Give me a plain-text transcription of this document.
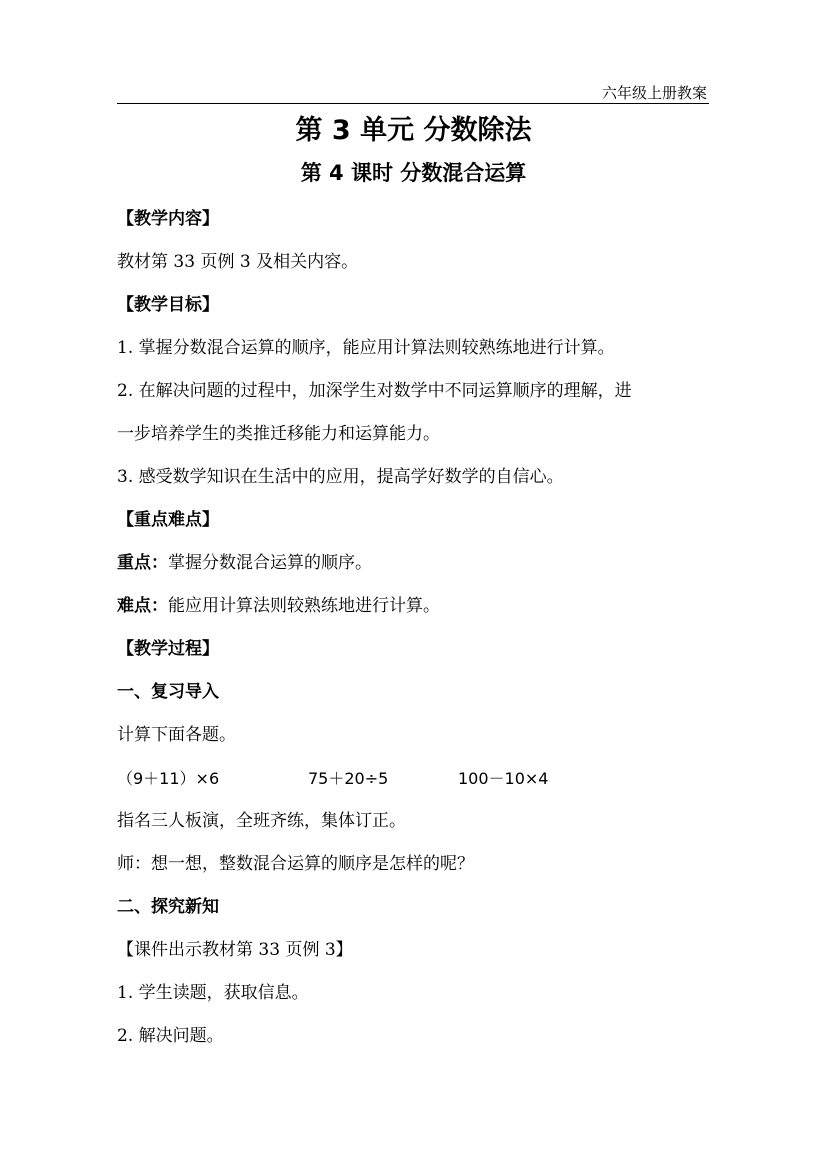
六年级上册教案
第 3 单元 分数除法
第 4 课时 分数混合运算
【教学内容】
教材第 33 页例 3 及相关内容。
【教学目标】
1. 掌握分数混合运算的顺序，能应用计算法则较熟练地进行计算。
2. 在解决问题的过程中，加深学生对数学中不同运算顺序的理解，进
一步培养学生的类推迁移能力和运算能力。
3. 感受数学知识在生活中的应用，提高学好数学的自信心。
【重点难点】
重点：掌握分数混合运算的顺序。
难点：能应用计算法则较熟练地进行计算。
【教学过程】
一、复习导入
计算下面各题。
（9＋11）×6	75＋20÷5	100－10×4
指名三人板演，全班齐练，集体订正。
师：想一想，整数混合运算的顺序是怎样的呢？
二、探究新知
【课件出示教材第 33 页例 3】
1. 学生读题，获取信息。
2. 解决问题。
